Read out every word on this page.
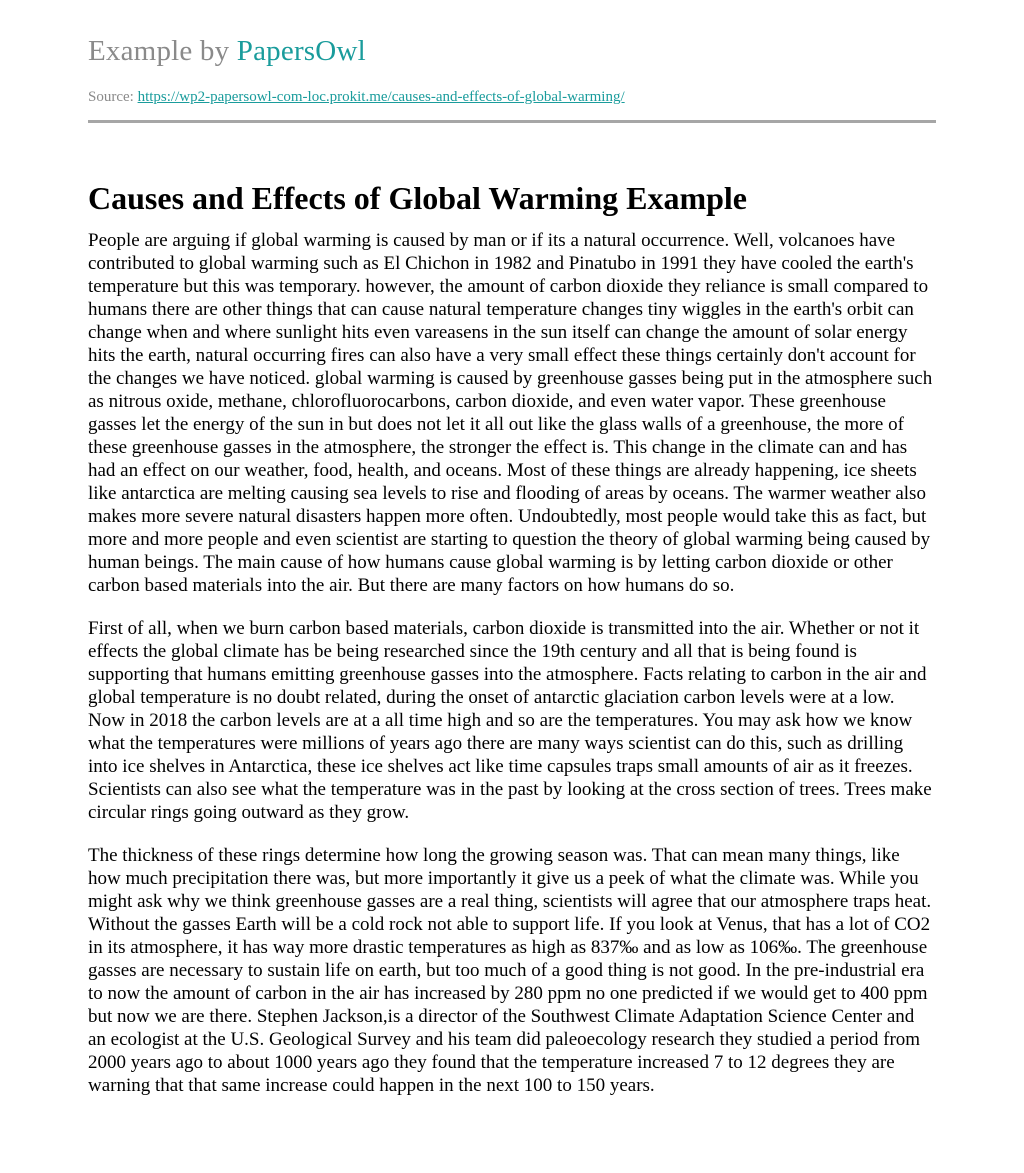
Example by PapersOwl
Source: https://wp2-papersowl-com-loc.prokit.me/causes-and-effects-of-global-warming/
Causes and Effects of Global Warming Example

People are arguing if global warming is caused by man or if its a natural occurrence. Well, volcanoes have contributed to global warming such as El Chichon in 1982 and Pinatubo in 1991 they have cooled the earth's temperature but this was temporary. however, the amount of carbon dioxide they reliance is small compared to humans there are other things that can cause natural temperature changes tiny wiggles in the earth's orbit can change when and where sunlight hits even vareasens in the sun itself can change the amount of solar energy hits the earth, natural occurring fires can also have a very small effect these things certainly don't account for the changes we have noticed. global warming is caused by greenhouse gasses being put in the atmosphere such as nitrous oxide, methane, chlorofluorocarbons, carbon dioxide, and even water vapor. These greenhouse gasses let the energy of the sun in but does not let it all out like the glass walls of a greenhouse, the more of these greenhouse gasses in the atmosphere, the stronger the effect is. This change in the climate can and has had an effect on our weather, food, health, and oceans. Most of these things are already happening, ice sheets like antarctica are melting causing sea levels to rise and flooding of areas by oceans. The warmer weather also makes more severe natural disasters happen more often. Undoubtedly, most people would take this as fact, but more and more people and even scientist are starting to question the theory of global warming being caused by human beings. The main cause of how humans cause global warming is by letting carbon dioxide or other carbon based materials into the air. But there are many factors on how humans do so.

First of all, when we burn carbon based materials, carbon dioxide is transmitted into the air. Whether or not it effects the global climate has be being researched since the 19th century and all that is being found is supporting that humans emitting greenhouse gasses into the atmosphere. Facts relating to carbon in the air and global temperature is no doubt related, during the onset of antarctic glaciation carbon levels were at a low. Now in 2018 the carbon levels are at a all time high and so are the temperatures. You may ask how we know what the temperatures were millions of years ago there are many ways scientist can do this, such as drilling into ice shelves in Antarctica, these ice shelves act like time capsules traps small amounts of air as it freezes. Scientists can also see what the temperature was in the past by looking at the cross section of trees. Trees make circular rings going outward as they grow.

The thickness of these rings determine how long the growing season was. That can mean many things, like how much precipitation there was, but more importantly it give us a peek of what the climate was. While you might ask why we think greenhouse gasses are a real thing, scientists will agree that our atmosphere traps heat. Without the gasses Earth will be a cold rock not able to support life. If you look at Venus, that has a lot of CO2 in its atmosphere, it has way more drastic temperatures as high as 837‰ and as low as 106‰. The greenhouse gasses are necessary to sustain life on earth, but too much of a good thing is not good. In the pre-industrial era to now the amount of carbon in the air has increased by 280 ppm no one predicted if we would get to 400 ppm but now we are there. Stephen Jackson,is a director of the Southwest Climate Adaptation Science Center and an ecologist at the U.S. Geological Survey and his team did paleoecology research they studied a period from 2000 years ago to about 1000 years ago they found that the temperature increased 7 to 12 degrees they are warning that that same increase could happen in the next 100 to 150 years.
